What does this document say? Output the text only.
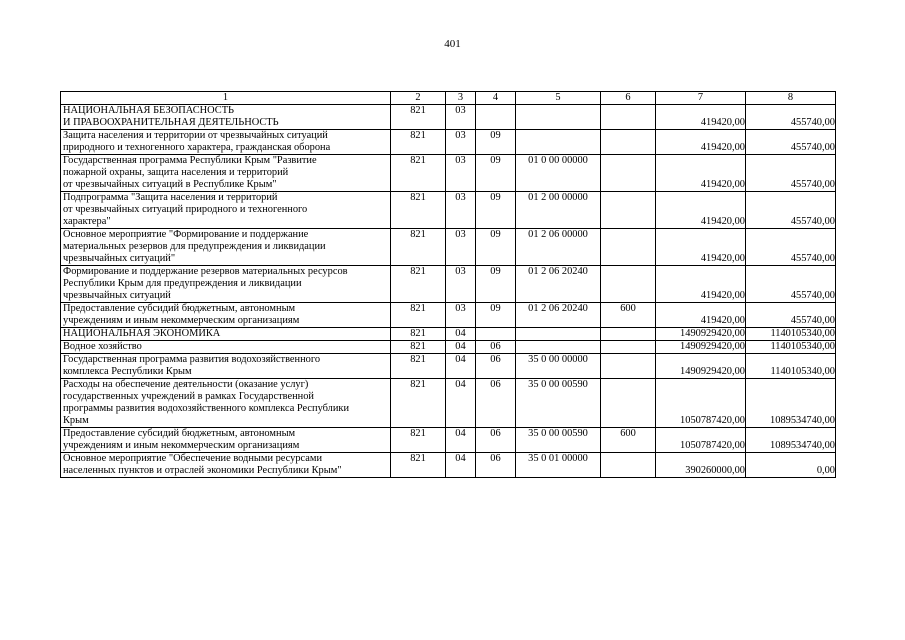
401
1	2	3	4	5	6	7	8
НАЦИОНАЛЬНАЯ БЕЗОПАСНОСТЬ
И ПРАВООХРАНИТЕЛЬНАЯ ДЕЯТЕЛЬНОСТЬ	821	03				419420,00	455740,00
Защита населения и территории от чрезвычайных ситуаций
природного и техногенного характера, гражданская оборона	821	03	09			419420,00	455740,00
Государственная программа Республики Крым "Развитие
пожарной охраны, защита населения и территорий
от чрезвычайных ситуаций в Республике Крым"	821	03	09	01 0 00 00000		419420,00	455740,00
Подпрограмма "Защита населения и территорий
от чрезвычайных ситуаций природного и техногенного
характера"	821	03	09	01 2 00 00000		419420,00	455740,00
Основное мероприятие "Формирование и поддержание
материальных резервов для предупреждения и ликвидации
чрезвычайных ситуаций"	821	03	09	01 2 06 00000		419420,00	455740,00
Формирование и поддержание резервов материальных ресурсов
Республики Крым для предупреждения и ликвидации
чрезвычайных ситуаций	821	03	09	01 2 06 20240		419420,00	455740,00
Предоставление субсидий бюджетным, автономным
учреждениям и иным некоммерческим организациям	821	03	09	01 2 06 20240	600	419420,00	455740,00
НАЦИОНАЛЬНАЯ ЭКОНОМИКА	821	04				1490929420,00	1140105340,00
Водное хозяйство	821	04	06			1490929420,00	1140105340,00
Государственная программа развития водохозяйственного
комплекса Республики Крым	821	04	06	35 0 00 00000		1490929420,00	1140105340,00
Расходы на обеспечение деятельности (оказание услуг)
государственных учреждений в рамках Государственной
программы развития водохозяйственного комплекса Республики
Крым	821	04	06	35 0 00 00590		1050787420,00	1089534740,00
Предоставление субсидий бюджетным, автономным
учреждениям и иным некоммерческим организациям	821	04	06	35 0 00 00590	600	1050787420,00	1089534740,00
Основное мероприятие "Обеспечение водными ресурсами
населенных пунктов и отраслей экономики Республики Крым"	821	04	06	35 0 01 00000		390260000,00	0,00
